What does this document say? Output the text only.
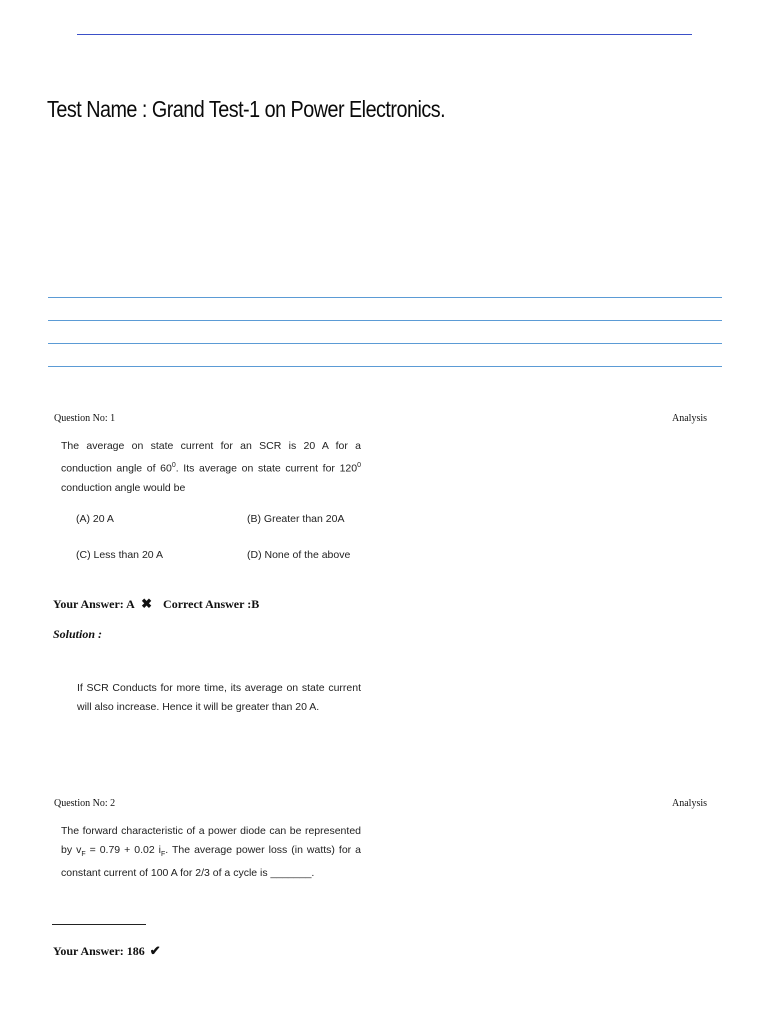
Test Name : Grand Test-1 on Power Electronics.
Question No: 1	Analysis
The average on state current for an SCR is 20 A for a conduction angle of $60^0$. Its average on state current for $120^0$ conduction angle would be
(A) 20 A	(B) Greater than 20A
(C) Less than 20 A	(D) None of the above
Your Answer: A ✖ Correct Answer :B
Solution :
If SCR Conducts for more time, its average on state current will also increase. Hence it will be greater than 20 A.
Question No: 2	Analysis
The forward characteristic of a power diode can be represented by $v_F = 0.79 + 0.02$ $i_F$. The average power loss (in watts) for a constant current of 100 A for 2/3 of a cycle is _______.
Your Answer: 186 ✔
